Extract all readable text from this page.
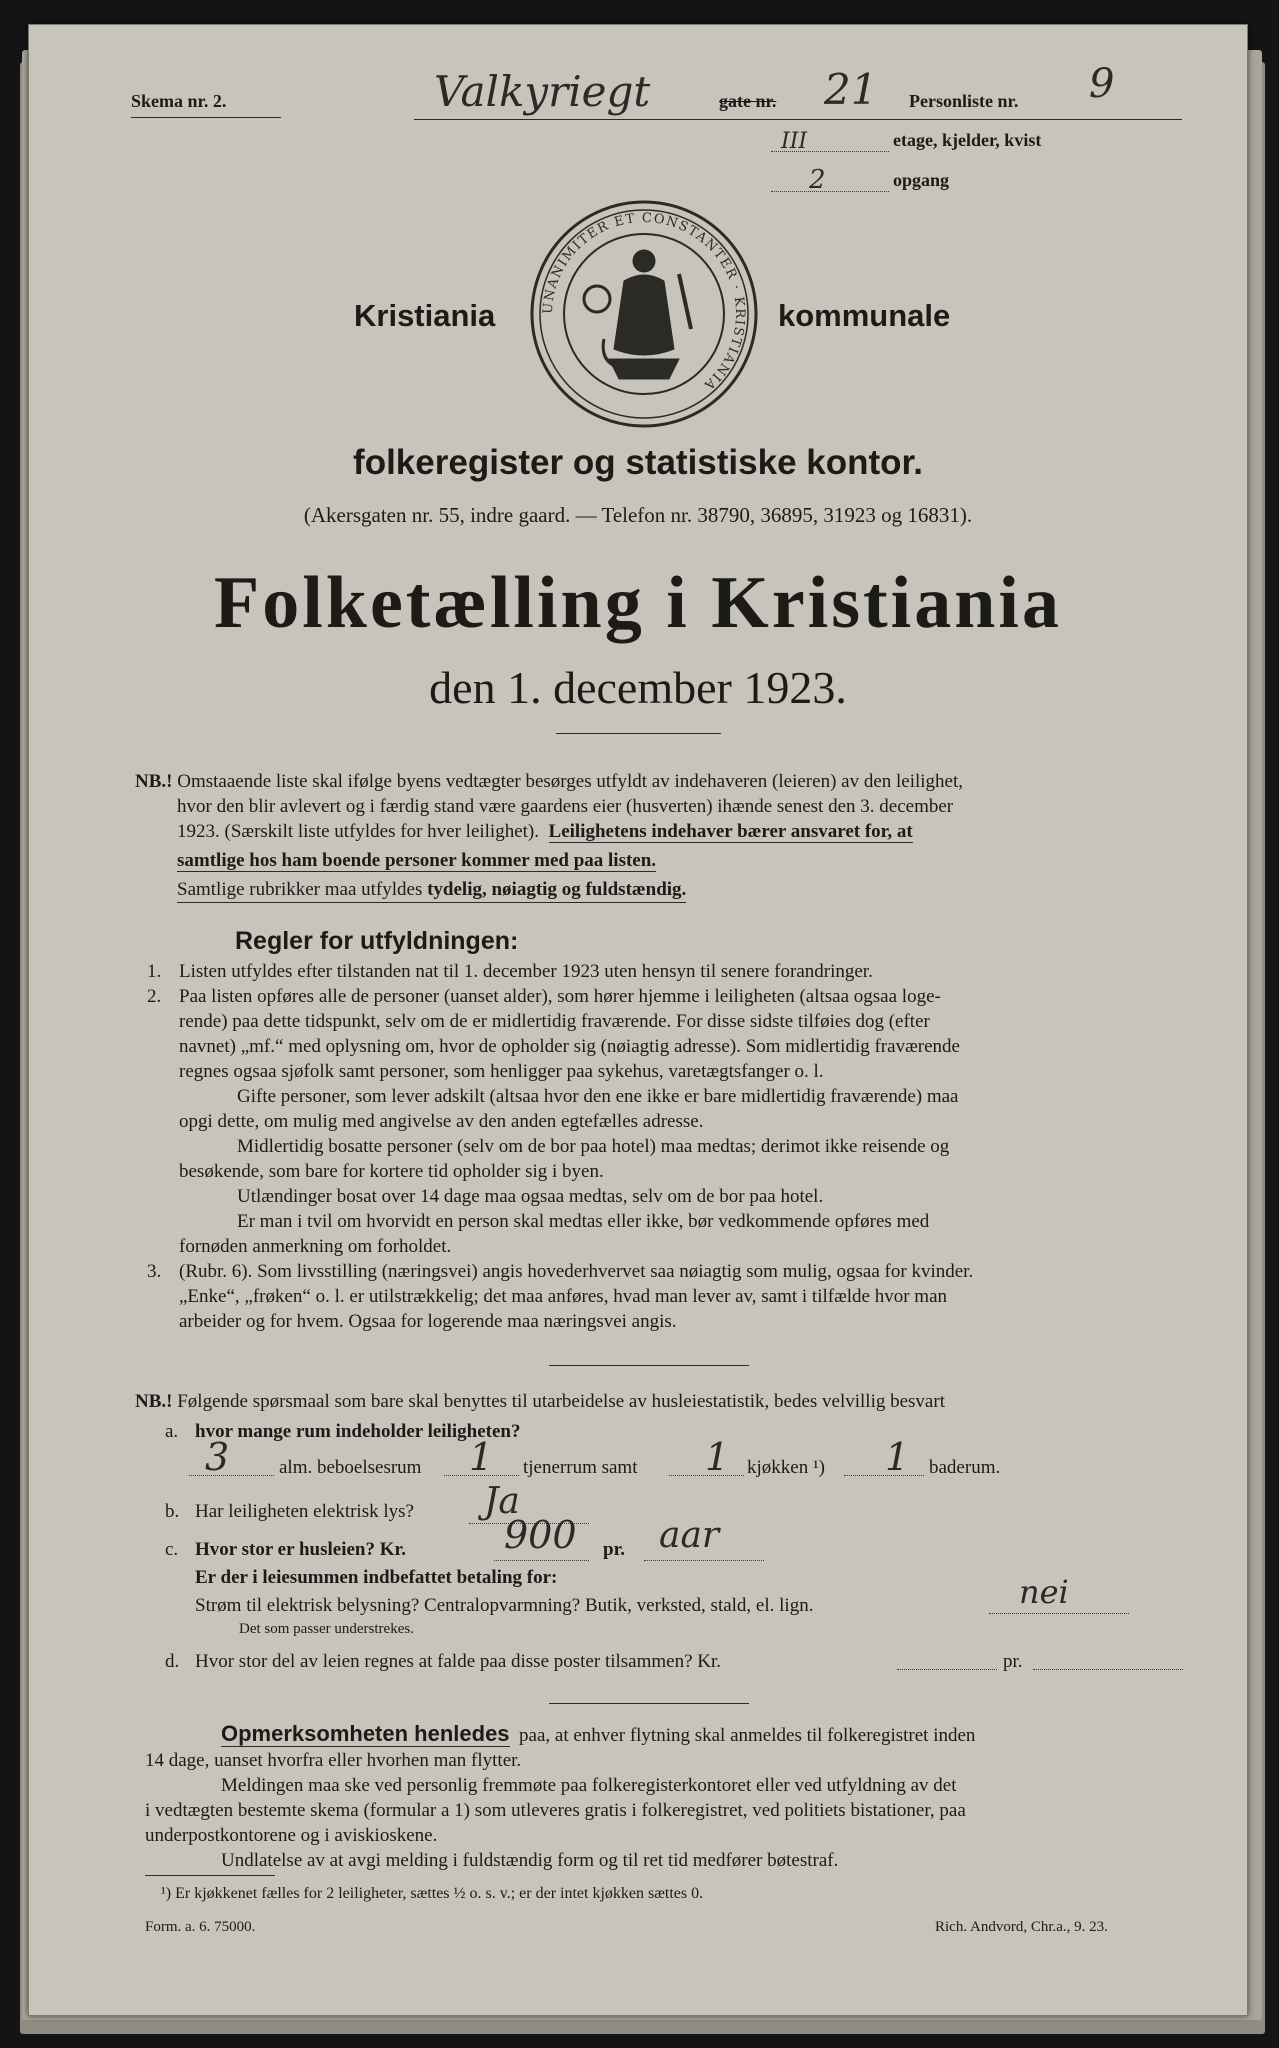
Skema nr. 2.	Valkyriegt	gate nr. 21 Personliste nr. 9
III	etage, kjelder, kvist
2	opgang
Kristiania	kommunale
UNANIMITER ET CONSTANTER · KRISTIANIA
folkeregister og statistiske kontor.
(Akersgaten nr. 55, indre gaard. — Telefon nr. 38790, 36895, 31923 og 16831).
Folketælling i Kristiania
den 1. december 1923.
NB.! Omstaaende liste skal ifølge byens vedtægter besørges utfyldt av indehaveren (leieren) av den leilighet,
hvor den blir avlevert og i færdig stand være gaardens eier (husverten) ihænde senest den 3. december
1923. (Særskilt liste utfyldes for hver leilighet). Leilighetens indehaver bærer ansvaret for, at
samtlige hos ham boende personer kommer med paa listen.
Samtlige rubrikker maa utfyldes tydelig, nøiagtig og fuldstændig.
Regler for utfyldningen:
1. Listen utfyldes efter tilstanden nat til 1. december 1923 uten hensyn til senere forandringer.
2. Paa listen opføres alle de personer (uanset alder), som hører hjemme i leiligheten (altsaa ogsaa loge-
rende) paa dette tidspunkt, selv om de er midlertidig fraværende. For disse sidste tilføies dog (efter
navnet) „mf.“ med oplysning om, hvor de opholder sig (nøiagtig adresse). Som midlertidig fraværende
regnes ogsaa sjøfolk samt personer, som henligger paa sykehus, varetægtsfanger o. l.
Gifte personer, som lever adskilt (altsaa hvor den ene ikke er bare midlertidig fraværende) maa
opgi dette, om mulig med angivelse av den anden egtefælles adresse.
Midlertidig bosatte personer (selv om de bor paa hotel) maa medtas; derimot ikke reisende og
besøkende, som bare for kortere tid opholder sig i byen.
Utlændinger bosat over 14 dage maa ogsaa medtas, selv om de bor paa hotel.
Er man i tvil om hvorvidt en person skal medtas eller ikke, bør vedkommende opføres med
fornøden anmerkning om forholdet.
3. (Rubr. 6). Som livsstilling (næringsvei) angis hovederhvervet saa nøiagtig som mulig, ogsaa for kvinder.
„Enke“, „frøken“ o. l. er utilstrækkelig; det maa anføres, hvad man lever av, samt i tilfælde hvor man
arbeider og for hvem. Ogsaa for logerende maa næringsvei angis.
NB.! Følgende spørsmaal som bare skal benyttes til utarbeidelse av husleiestatistik, bedes velvillig besvart
a. hvor mange rum indeholder leiligheten?
3	alm. beboelsesrum 1 tjenerrum samt 1 kjøkken ¹) 1 baderum.
b. Har leiligheten elektrisk lys? Ja
c. Hvor stor er husleien? Kr.	900 pr. aar
Er der i leiesummen indbefattet betaling for:
Strøm til elektrisk belysning? Centralopvarmning? Butik, verksted, stald, el. lign.	nei
Det som passer understrekes.
d. Hvor stor del av leien regnes at falde paa disse poster tilsammen? Kr.	pr.
Opmerksomheten henledes paa, at enhver flytning skal anmeldes til folkeregistret inden
14 dage, uanset hvorfra eller hvorhen man flytter.
Meldingen maa ske ved personlig fremmøte paa folkeregisterkontoret eller ved utfyldning av det
i vedtægten bestemte skema (formular a 1) som utleveres gratis i folkeregistret, ved politiets bistationer, paa
underpostkontorene og i aviskioskene.
Undlatelse av at avgi melding i fuldstændig form og til ret tid medfører bøtestraf.
¹) Er kjøkkenet fælles for 2 leiligheter, sættes ½ o. s. v.; er der intet kjøkken sættes 0.
Form. a. 6. 75000.	Rich. Andvord, Chr.a., 9. 23.
